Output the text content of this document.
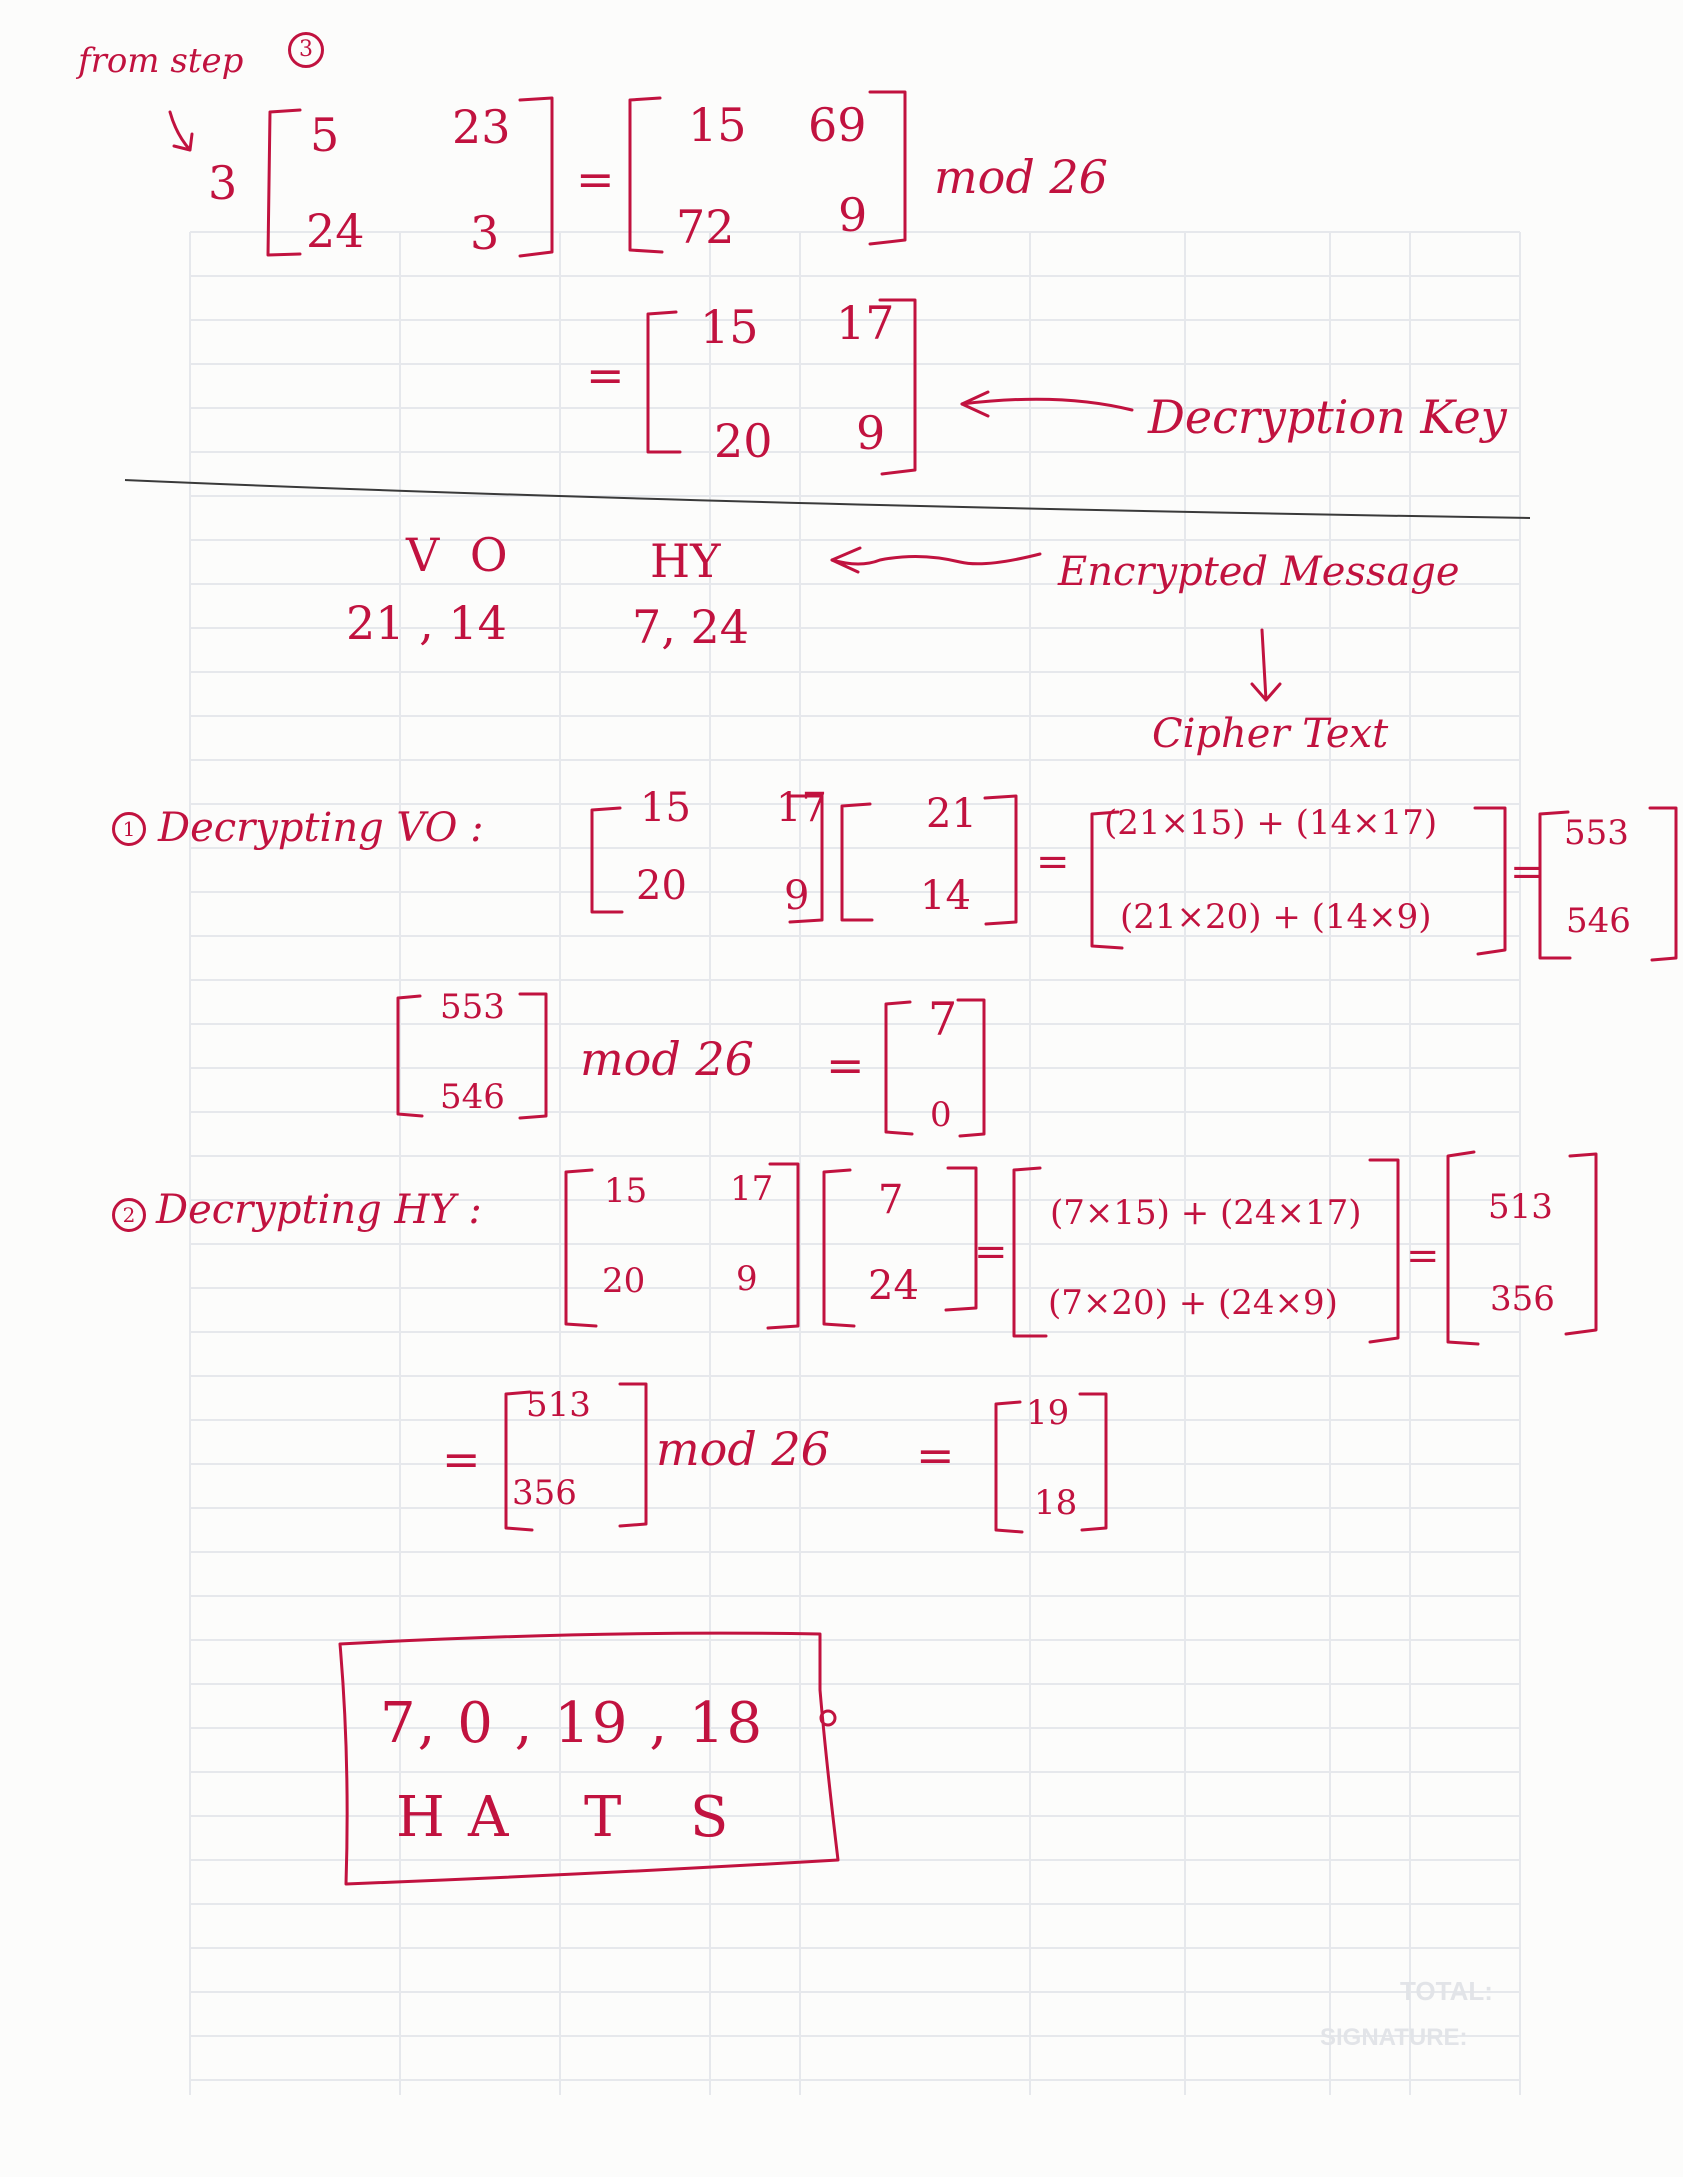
TOTAL:
SIGNATURE:
from step	3
3
5 23
24 3
=
15 69
72 9
mod 26
=
15 17
20 9	Decryption Key
V O
21 , 14
HY
7, 24
Encrypted Message
Cipher Text
1 Decrypting VO :	15 17
20 9
21
14
=
(21×15) + (14×17)
(21×20) + (14×9)
=
553
546
553
546
mod 26 =
7
0
2 Decrypting HY :	15 17
20	9
7
24
=
(7×15) + (24×17)
(7×20) + (24×9)
=
513
356
=
513
356
mod 26 =
19
18
7, 0 , 19 , 18
H A T S
